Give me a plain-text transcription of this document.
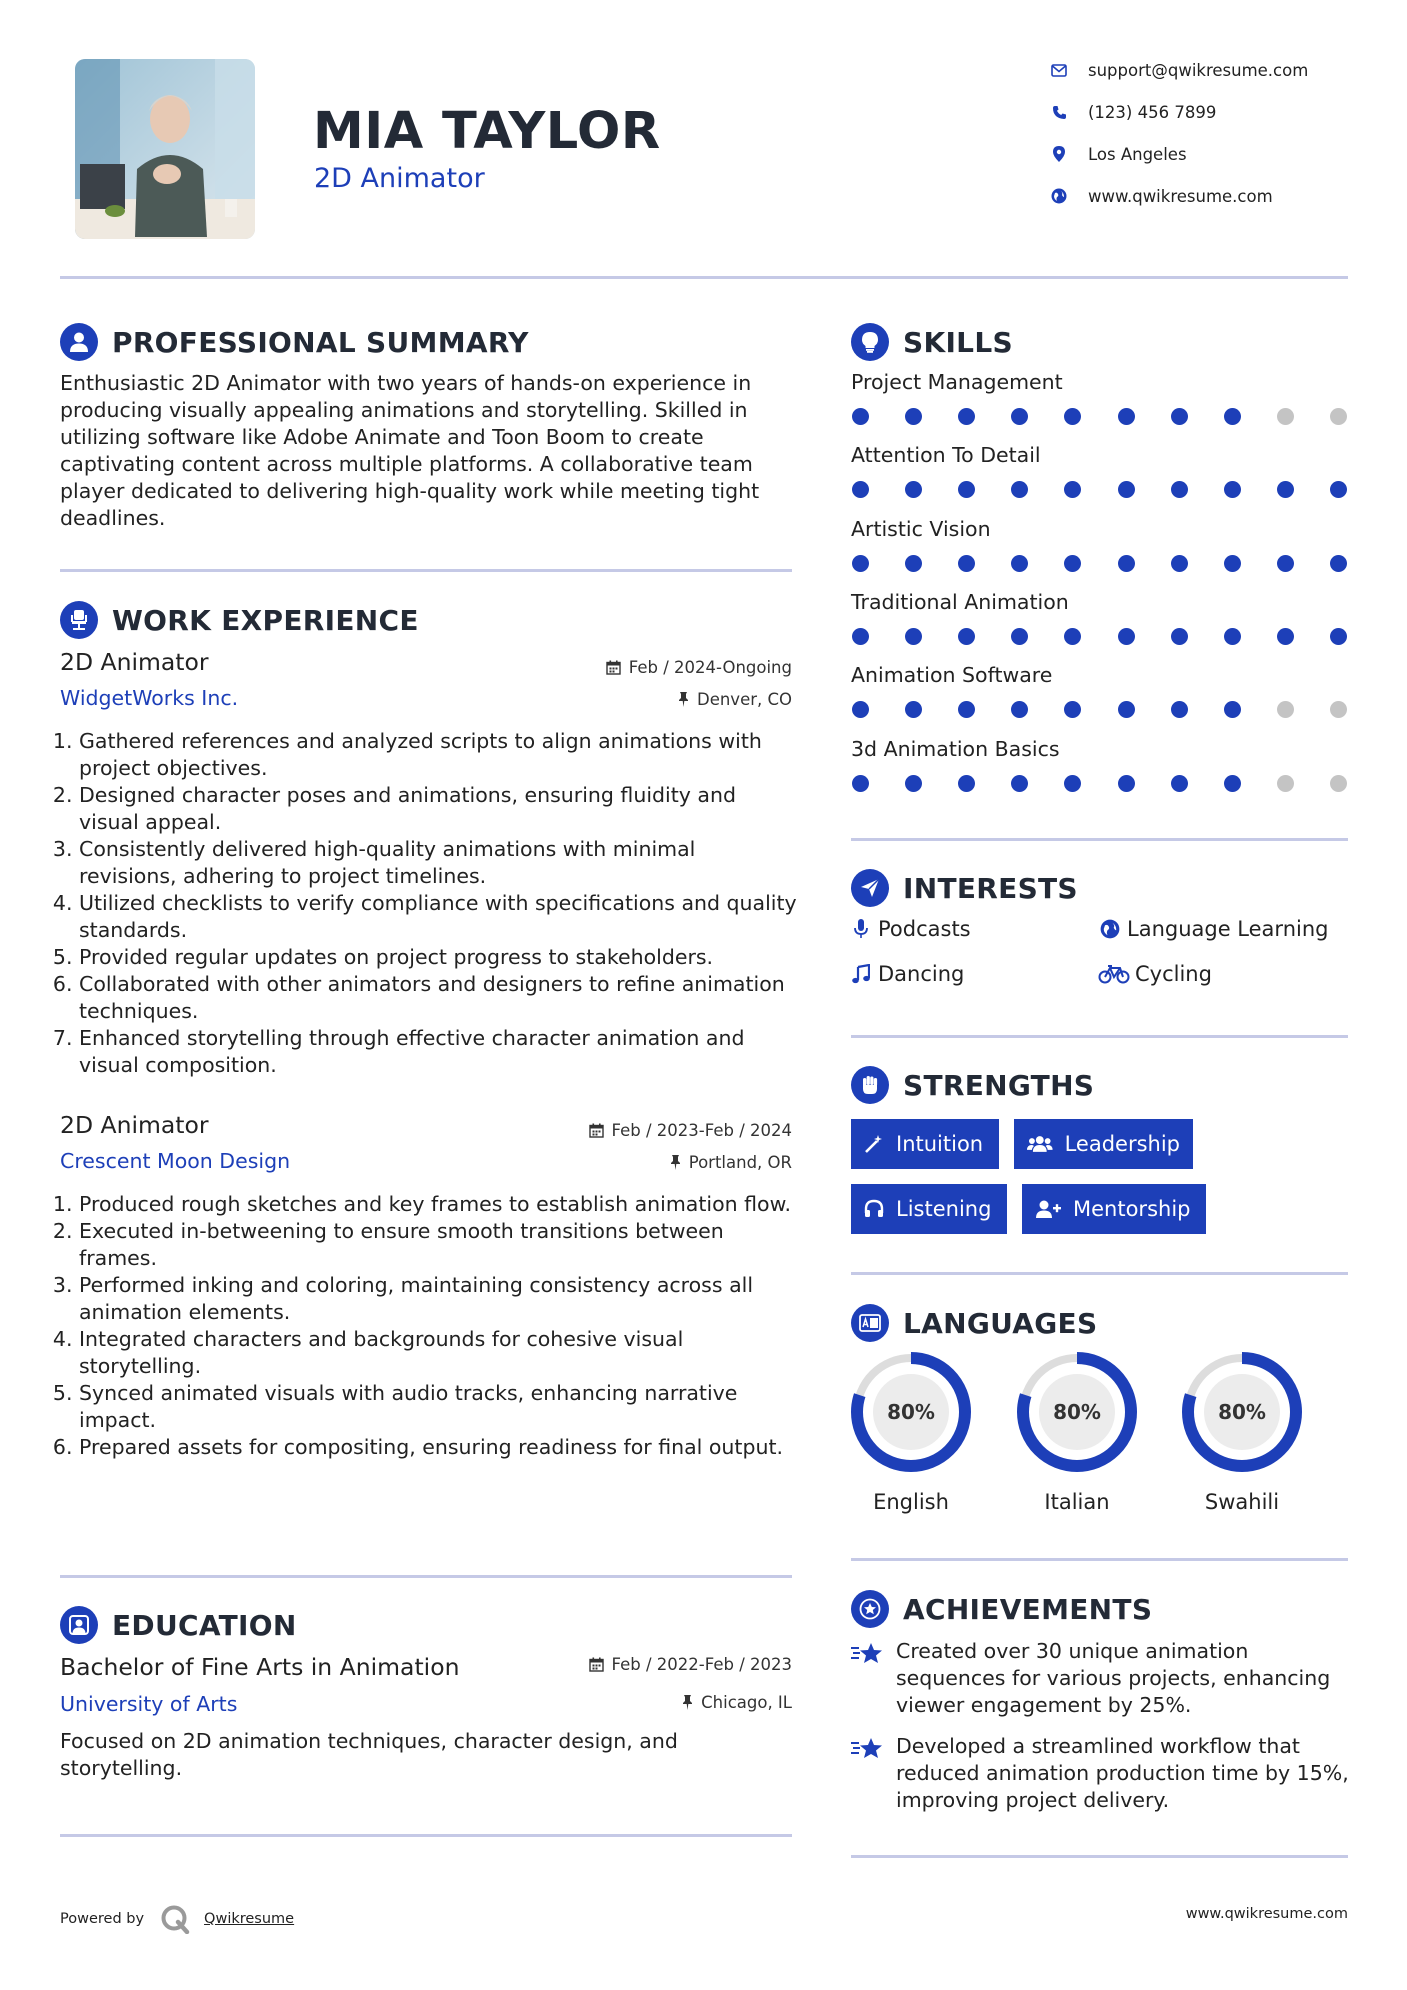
MIA TAYLOR
2D Animator
support@qwikresume.com
(123) 456 7899
Los Angeles
www.qwikresume.com
PROFESSIONAL SUMMARY
Enthusiastic 2D Animator with two years of hands-on experience in producing visually appealing animations and storytelling. Skilled in utilizing software like Adobe Animate and Toon Boom to create captivating content across multiple platforms. A collaborative team player dedicated to delivering high-quality work while meeting tight deadlines.
WORK EXPERIENCE
2D Animator
WidgetWorks Inc.
Feb / 2024-Ongoing
Denver, CO
1. Gathered references and analyzed scripts to align animations with project objectives.
2. Designed character poses and animations, ensuring fluidity and visual appeal.
3. Consistently delivered high-quality animations with minimal revisions, adhering to project timelines.
4. Utilized checklists to verify compliance with specifications and quality standards.
5. Provided regular updates on project progress to stakeholders.
6. Collaborated with other animators and designers to refine animation techniques.
7. Enhanced storytelling through effective character animation and visual composition.
2D Animator
Crescent Moon Design
Feb / 2023-Feb / 2024
Portland, OR
1. Produced rough sketches and key frames to establish animation flow.
2. Executed in-betweening to ensure smooth transitions between frames.
3. Performed inking and coloring, maintaining consistency across all animation elements.
4. Integrated characters and backgrounds for cohesive visual storytelling.
5. Synced animated visuals with audio tracks, enhancing narrative impact.
6. Prepared assets for compositing, ensuring readiness for final output.
EDUCATION
Bachelor of Fine Arts in Animation
University of Arts
Feb / 2022-Feb / 2023
Chicago, IL
Focused on 2D animation techniques, character design, and storytelling.
SKILLS
Project Management
Attention To Detail
Artistic Vision
Traditional Animation
Animation Software
3d Animation Basics
INTERESTS
Podcasts	Language Learning
Dancing	Cycling
STRENGTHS
Intuition	Leadership
Listening	Mentorship
LANGUAGES
80%
English
80%
Italian
80%
Swahili
ACHIEVEMENTS
Created over 30 unique animation sequences for various projects, enhancing viewer engagement by 25%.
Developed a streamlined workflow that reduced animation production time by 15%, improving project delivery.
Powered by	Qwikresume	www.qwikresume.com
